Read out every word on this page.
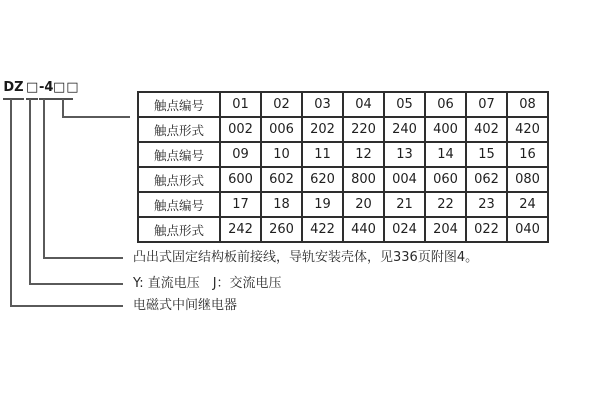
DZ □ -4 □□
触点编号	01	02	03	04	05	06	07	08
触点形式	002	006	202	220	240	400	402	420
触点编号	09	10	11	12	13	14	15	16
触点形式	600	602	620	800	004	060	062	080
触点编号	17	18	19	20	21	22	23	24
触点形式	242	260	422	440	024	204	022	040
凸出式固定结构板前接线，导轨安装壳体，见336页附图4。
Y: 直流电压　J：交流电压
电磁式中间继电器
